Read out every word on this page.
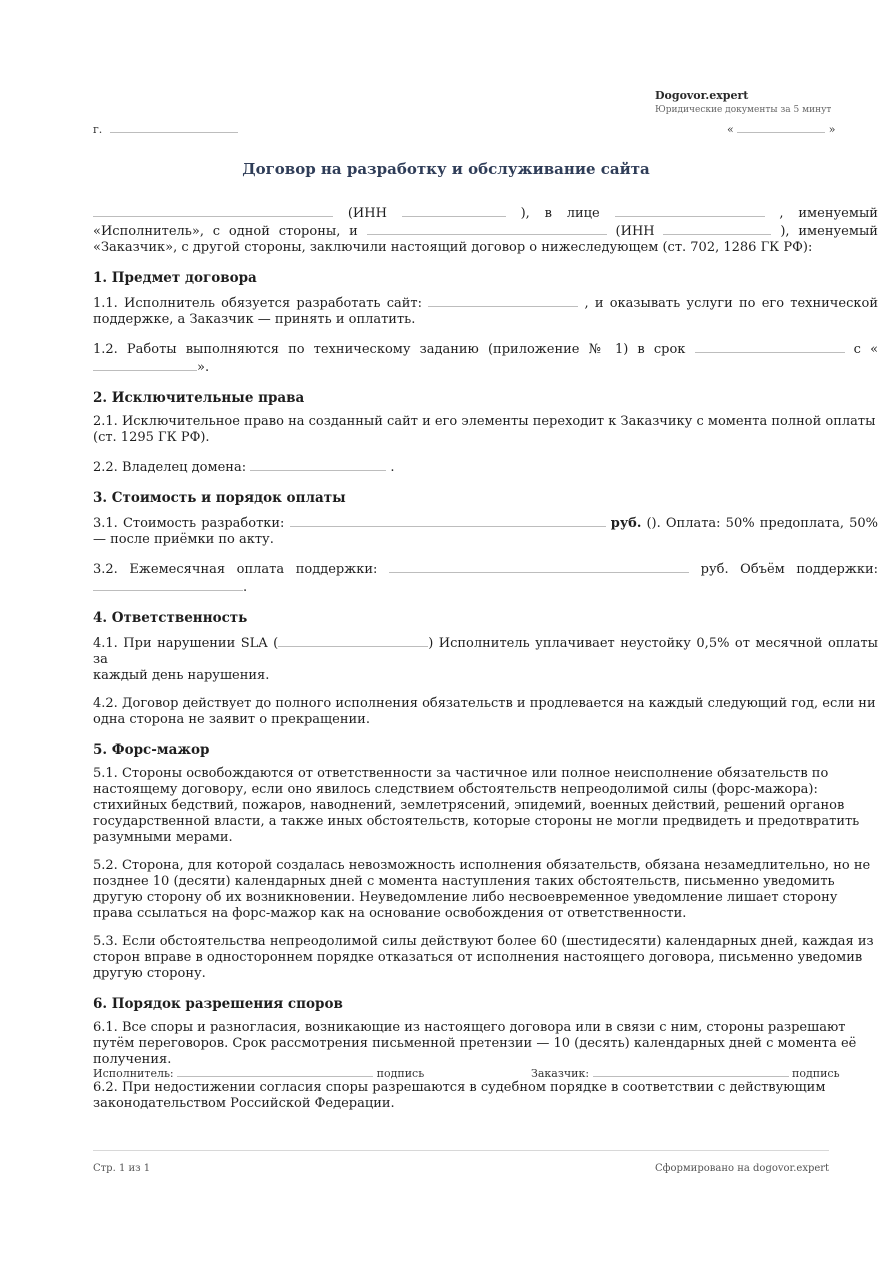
Dogovor.expert
Юридические документы за 5 минут
г.	«	»
Договор на разработку и обслуживание сайта

(ИНН	), в лице	, именуемый

«Исполнитель», с одной стороны, и	(ИНН	), именуемый

«Заказчик», с другой стороны, заключили настоящий договор о нижеследующем (ст. 702, 1286 ГК РФ):

1. Предмет договора

1.1. Исполнитель обязуется разработать сайт:	, и оказывать услуги по его технической

поддержке, а Заказчик — принять и оплатить.

1.2. Работы выполняются по техническому заданию (приложение № 1) в срок	с «

».

2. Исключительные права

2.1. Исключительное право на созданный сайт и его элементы переходит к Заказчику с момента полной оплаты (ст. 1295 ГК РФ).

2.2. Владелец домена:	.

3. Стоимость и порядок оплаты

3.1. Стоимость разработки:	руб. (). Оплата: 50% предоплата, 50%

— после приёмки по акту.

3.2. Ежемесячная оплата поддержки:	руб. Объём поддержки:

.

4. Ответственность

4.1. При нарушении SLA (	) Исполнитель уплачивает неустойку 0,5% от месячной оплаты за

каждый день нарушения.

4.2. Договор действует до полного исполнения обязательств и продлевается на каждый следующий год, если ни одна сторона не заявит о прекращении.

5. Форс-мажор

5.1. Стороны освобождаются от ответственности за частичное или полное неисполнение обязательств по настоящему договору, если оно явилось следствием обстоятельств непреодолимой силы (форс-мажора): стихийных бедствий, пожаров, наводнений, землетрясений, эпидемий, военных действий, решений органов государственной власти, а также иных обстоятельств, которые стороны не могли предвидеть и предотвратить разумными мерами.

5.2. Сторона, для которой создалась невозможность исполнения обязательств, обязана незамедлительно, но не позднее 10 (десяти) календарных дней с момента наступления таких обстоятельств, письменно уведомить другую сторону об их возникновении. Неуведомление либо несвоевременное уведомление лишает сторону права ссылаться на форс-мажор как на основание освобождения от ответственности.

5.3. Если обстоятельства непреодолимой силы действуют более 60 (шестидесяти) календарных дней, каждая из сторон вправе в одностороннем порядке отказаться от исполнения настоящего договора, письменно уведомив другую сторону.

6. Порядок разрешения споров

6.1. Все споры и разногласия, возникающие из настоящего договора или в связи с ним, стороны разрешают путём переговоров. Срок рассмотрения письменной претензии — 10 (десять) календарных дней с момента её получения.

6.2. При недостижении согласия споры разрешаются в судебном порядке в соответствии с действующим законодательством Российской Федерации.

Исполнитель:	подпись	Заказчик:	подпись
Стр. 1 из 1	Сформировано на dogovor.expert
